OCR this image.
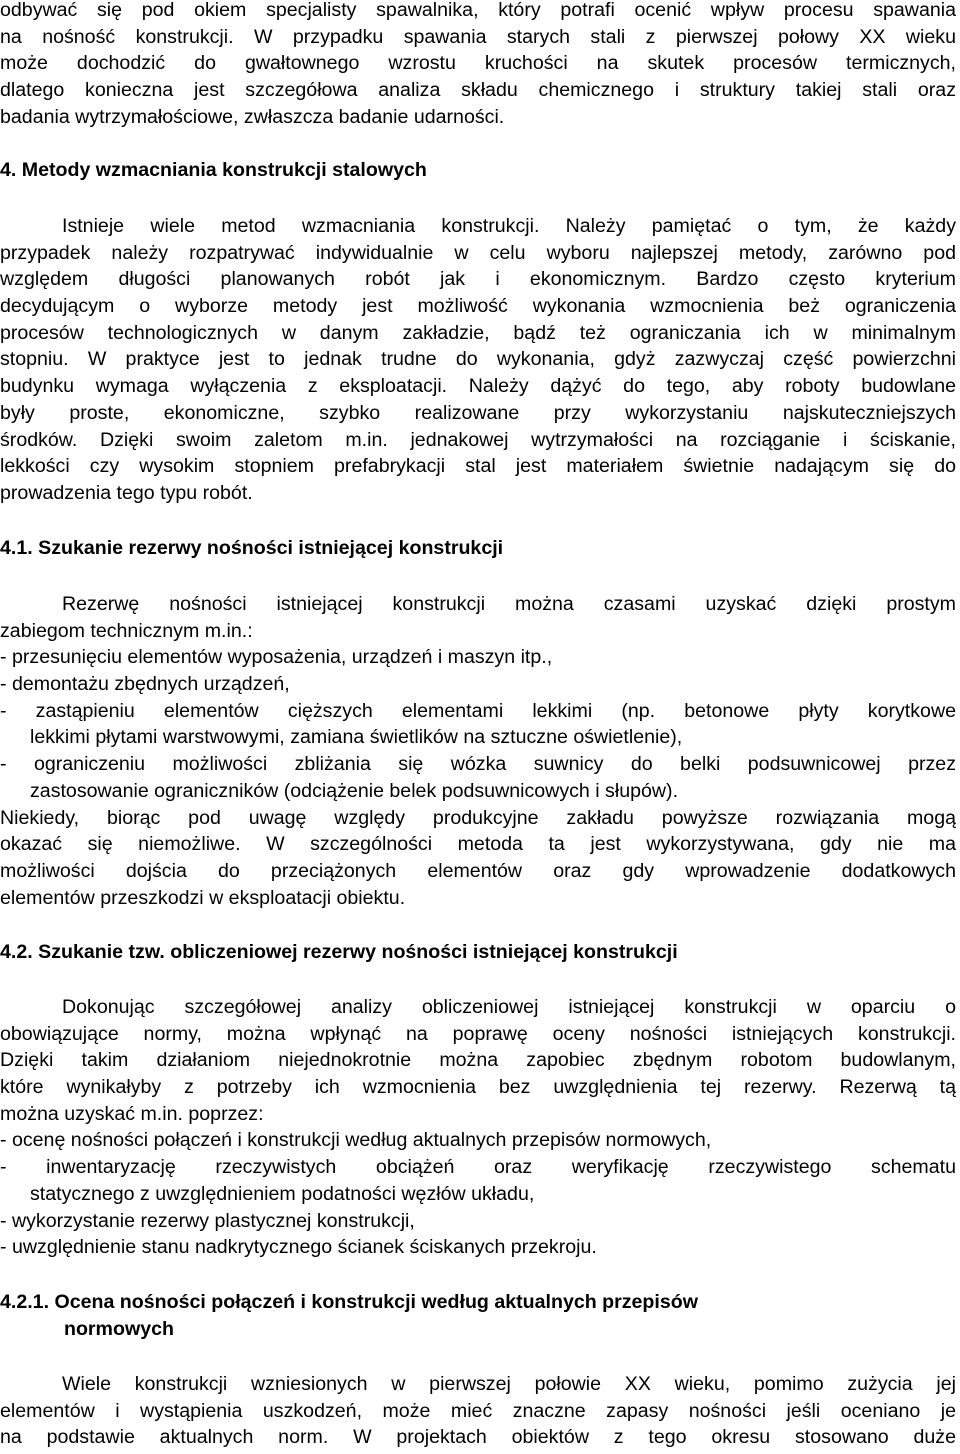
odbywać się pod okiem specjalisty spawalnika, który potrafi ocenić wpływ procesu spawania
na nośność konstrukcji. W przypadku spawania starych stali z pierwszej połowy XX wieku
może dochodzić do gwałtownego wzrostu kruchości na skutek procesów termicznych,
dlatego konieczna jest szczegółowa analiza składu chemicznego i struktury takiej stali oraz
badania wytrzymałościowe, zwłaszcza badanie udarności.
4. Metody wzmacniania konstrukcji stalowych
Istnieje wiele metod wzmacniania konstrukcji. Należy pamiętać o tym, że każdy
przypadek należy rozpatrywać indywidualnie w celu wyboru najlepszej metody, zarówno pod
względem długości planowanych robót jak i ekonomicznym. Bardzo często kryterium
decydującym o wyborze metody jest możliwość wykonania wzmocnienia beż ograniczenia
procesów technologicznych w danym zakładzie, bądź też ograniczania ich w minimalnym
stopniu. W praktyce jest to jednak trudne do wykonania, gdyż zazwyczaj część powierzchni
budynku wymaga wyłączenia z eksploatacji. Należy dążyć do tego, aby roboty budowlane
były proste, ekonomiczne, szybko realizowane przy wykorzystaniu najskuteczniejszych
środków. Dzięki swoim zaletom m.in. jednakowej wytrzymałości na rozciąganie i ściskanie,
lekkości czy wysokim stopniem prefabrykacji stal jest materiałem świetnie nadającym się do
prowadzenia tego typu robót.
4.1. Szukanie rezerwy nośności istniejącej konstrukcji
Rezerwę nośności istniejącej konstrukcji można czasami uzyskać dzięki prostym
zabiegom technicznym m.in.:
- przesunięciu elementów wyposażenia, urządzeń i maszyn itp.,
- demontażu zbędnych urządzeń,
- zastąpieniu elementów cięższych elementami lekkimi (np. betonowe płyty korytkowe
lekkimi płytami warstwowymi, zamiana świetlików na sztuczne oświetlenie),
- ograniczeniu możliwości zbliżania się wózka suwnicy do belki podsuwnicowej przez
zastosowanie ograniczników (odciążenie belek podsuwnicowych i słupów).
Niekiedy, biorąc pod uwagę względy produkcyjne zakładu powyższe rozwiązania mogą
okazać się niemożliwe. W szczególności metoda ta jest wykorzystywana, gdy nie ma
możliwości dojścia do przeciążonych elementów oraz gdy wprowadzenie dodatkowych
elementów przeszkodzi w eksploatacji obiektu.
4.2. Szukanie tzw. obliczeniowej rezerwy nośności istniejącej konstrukcji
Dokonując szczegółowej analizy obliczeniowej istniejącej konstrukcji w oparciu o
obowiązujące normy, można wpłynąć na poprawę oceny nośności istniejących konstrukcji.
Dzięki takim działaniom niejednokrotnie można zapobiec zbędnym robotom budowlanym,
które wynikałyby z potrzeby ich wzmocnienia bez uwzględnienia tej rezerwy. Rezerwą tą
można uzyskać m.in. poprzez:
- ocenę nośności połączeń i konstrukcji według aktualnych przepisów normowych,
- inwentaryzację rzeczywistych obciążeń oraz weryfikację rzeczywistego schematu
statycznego z uwzględnieniem podatności węzłów układu,
- wykorzystanie rezerwy plastycznej konstrukcji,
- uwzględnienie stanu nadkrytycznego ścianek ściskanych przekroju.
4.2.1. Ocena nośności połączeń i konstrukcji według aktualnych przepisów
normowych
Wiele konstrukcji wzniesionych w pierwszej połowie XX wieku, pomimo zużycia jej
elementów i wystąpienia uszkodzeń, może mieć znaczne zapasy nośności jeśli oceniano je
na podstawie aktualnych norm. W projektach obiektów z tego okresu stosowano duże
